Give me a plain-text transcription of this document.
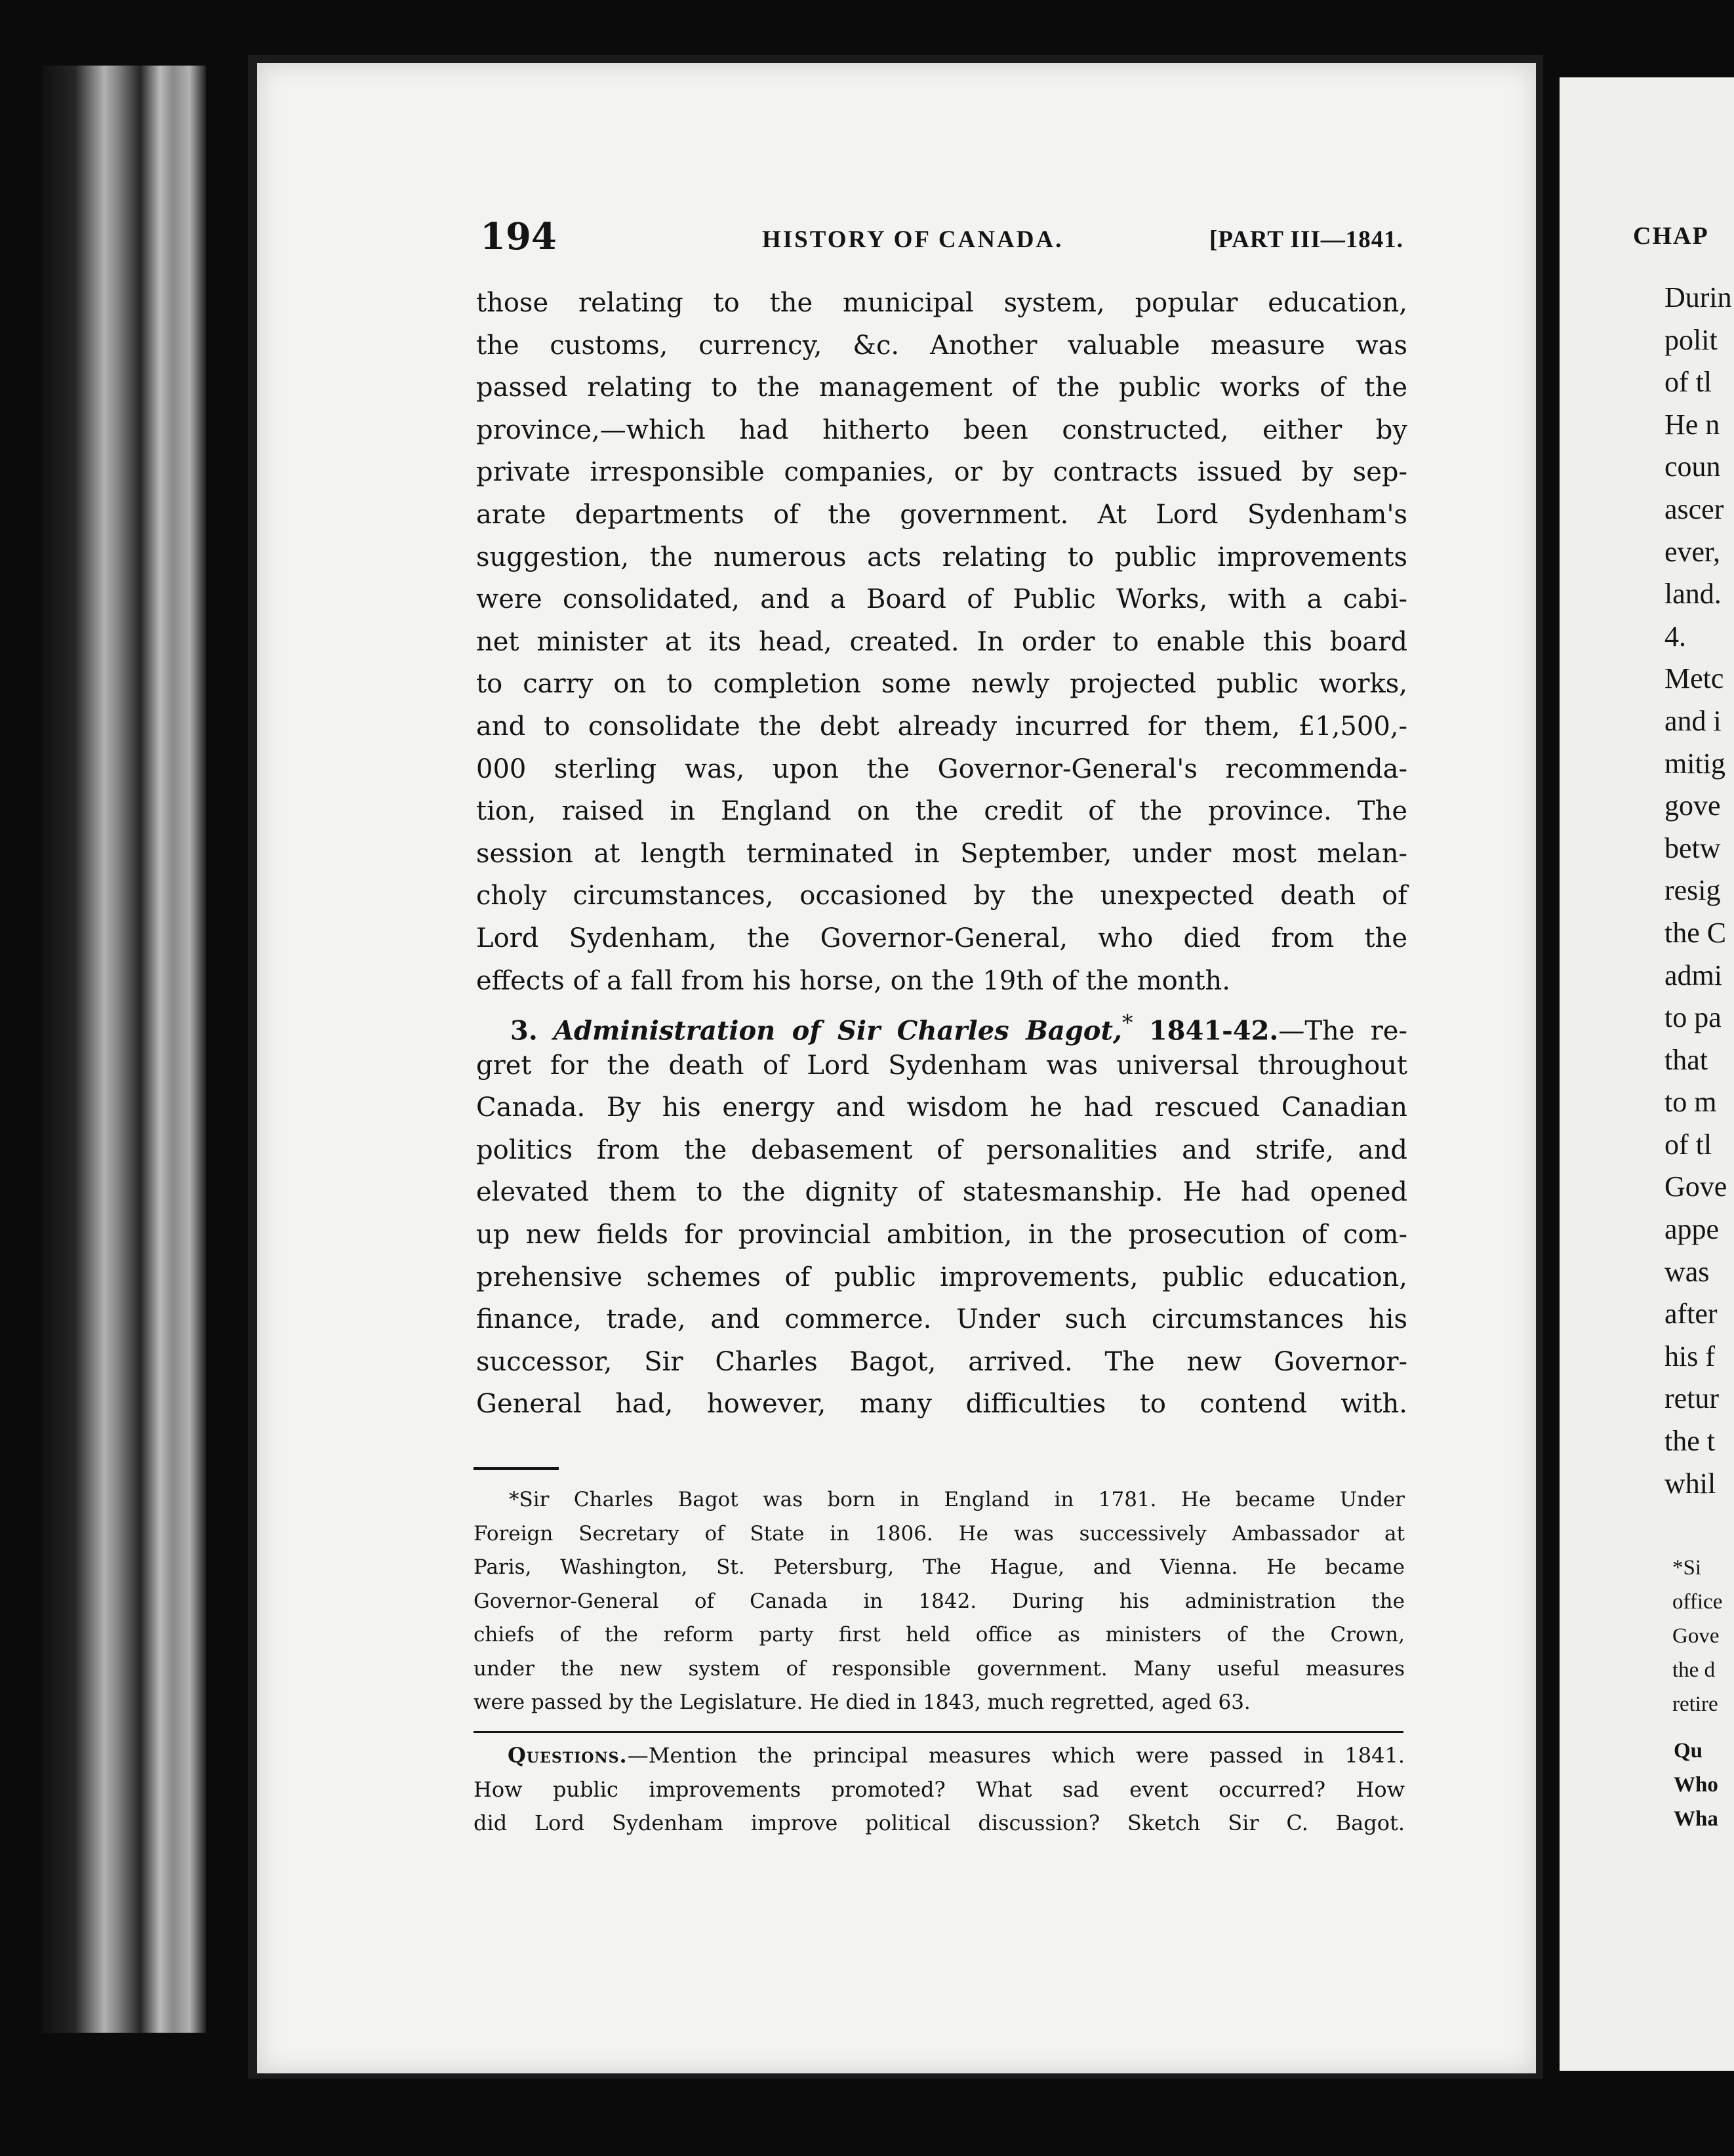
CHAP
Durin
polit
of tl
He n
coun
ascer
ever,
land.
4.
Metc
and i
mitig
gove
betw
resig
the C
admi
to pa
that
to m
of tl
Gove
appe
was
after
his f
retur
the t
whil
*Si
office
Gove
the d
retire
Qu
Who
Wha
194	HISTORY OF CANADA.	[PART III—1841.
those relating to the municipal system, popular education,
the customs, currency, &c. Another valuable measure was
passed relating to the management of the public works of the
province,—which had hitherto been constructed, either by
private irresponsible companies, or by contracts issued by sep-
arate departments of the government. At Lord Sydenham's
suggestion, the numerous acts relating to public improvements
were consolidated, and a Board of Public Works, with a cabi-
net minister at its head, created. In order to enable this board
to carry on to completion some newly projected public works,
and to consolidate the debt already incurred for them, £1,500,-
000 sterling was, upon the Governor-General's recommenda-
tion, raised in England on the credit of the province. The
session at length terminated in September, under most melan-
choly circumstances, occasioned by the unexpected death of
Lord Sydenham, the Governor-General, who died from the
effects of a fall from his horse, on the 19th of the month.
3. Administration of Sir Charles Bagot,* 1841-42.—The re-
gret for the death of Lord Sydenham was universal throughout
Canada. By his energy and wisdom he had rescued Canadian
politics from the debasement of personalities and strife, and
elevated them to the dignity of statesmanship. He had opened
up new fields for provincial ambition, in the prosecution of com-
prehensive schemes of public improvements, public education,
finance, trade, and commerce. Under such circumstances his
successor, Sir Charles Bagot, arrived. The new Governor-
General had, however, many difficulties to contend with.
*Sir Charles Bagot was born in England in 1781. He became Under
Foreign Secretary of State in 1806. He was successively Ambassador at
Paris, Washington, St. Petersburg, The Hague, and Vienna. He became
Governor-General of Canada in 1842. During his administration the
chiefs of the reform party first held office as ministers of the Crown,
under the new system of responsible government. Many useful measures
were passed by the Legislature. He died in 1843, much regretted, aged 63.
Questions.—Mention the principal measures which were passed in 1841.
How public improvements promoted? What sad event occurred? How
did Lord Sydenham improve political discussion? Sketch Sir C. Bagot.
